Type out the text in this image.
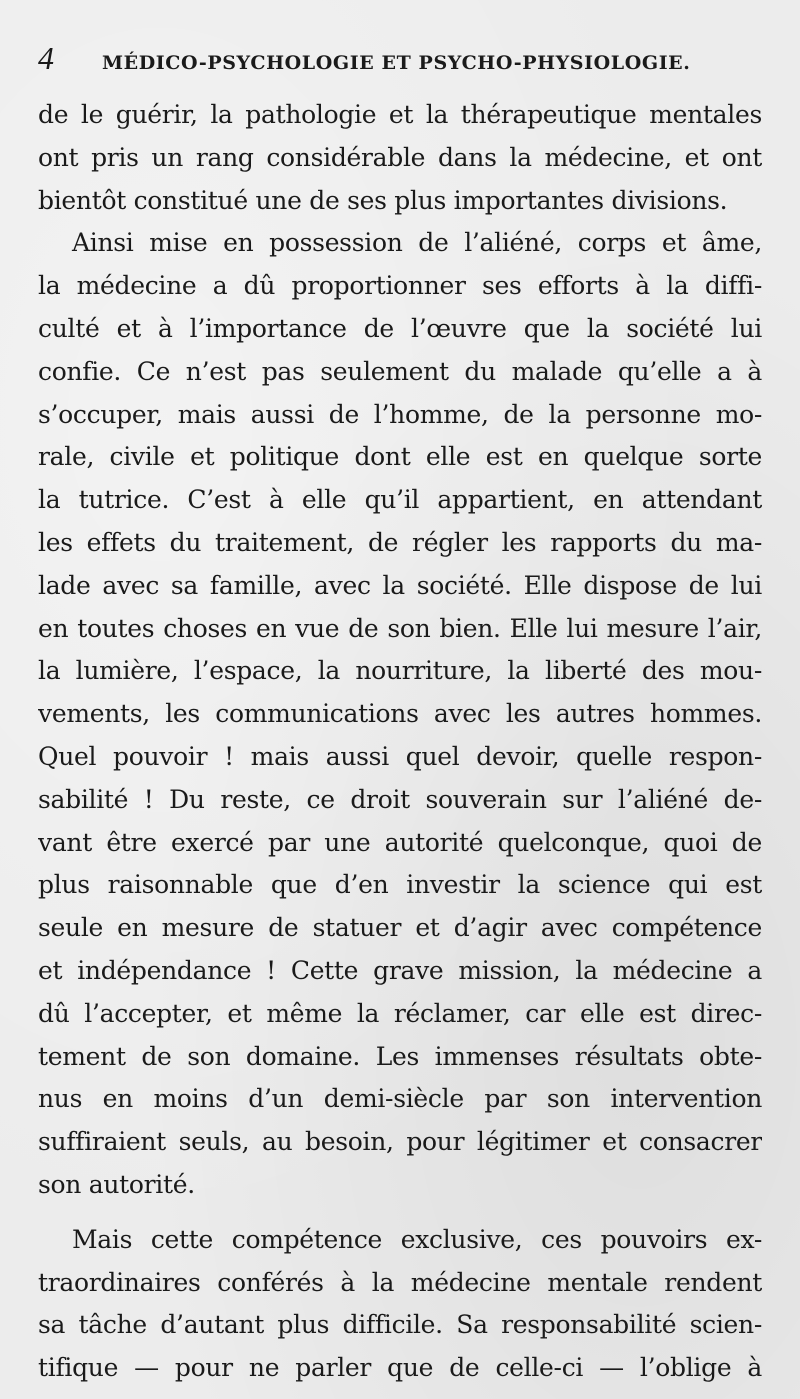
4	MÉDICO-PSYCHOLOGIE ET PSYCHO-PHYSIOLOGIE.
de le guérir, la pathologie et la thérapeutique mentales
ont pris un rang considérable dans la médecine, et ont
bientôt constitué une de ses plus importantes divisions.
Ainsi mise en possession de l’aliéné, corps et âme,
la médecine a dû proportionner ses efforts à la diffi-
culté et à l’importance de l’œuvre que la société lui
confie. Ce n’est pas seulement du malade qu’elle a à
s’occuper, mais aussi de l’homme, de la personne mo-
rale, civile et politique dont elle est en quelque sorte
la tutrice. C’est à elle qu’il appartient, en attendant
les effets du traitement, de régler les rapports du ma-
lade avec sa famille, avec la société. Elle dispose de lui
en toutes choses en vue de son bien. Elle lui mesure l’air,
la lumière, l’espace, la nourriture, la liberté des mou-
vements, les communications avec les autres hommes.
Quel pouvoir ! mais aussi quel devoir, quelle respon-
sabilité ! Du reste, ce droit souverain sur l’aliéné de-
vant être exercé par une autorité quelconque, quoi de
plus raisonnable que d’en investir la science qui est
seule en mesure de statuer et d’agir avec compétence
et indépendance ! Cette grave mission, la médecine a
dû l’accepter, et même la réclamer, car elle est direc-
tement de son domaine. Les immenses résultats obte-
nus en moins d’un demi-siècle par son intervention
suffiraient seuls, au besoin, pour légitimer et consacrer
son autorité.
Mais cette compétence exclusive, ces pouvoirs ex-
traordinaires conférés à la médecine mentale rendent
sa tâche d’autant plus difficile. Sa responsabilité scien-
tifique — pour ne parler que de celle-ci — l’oblige à
